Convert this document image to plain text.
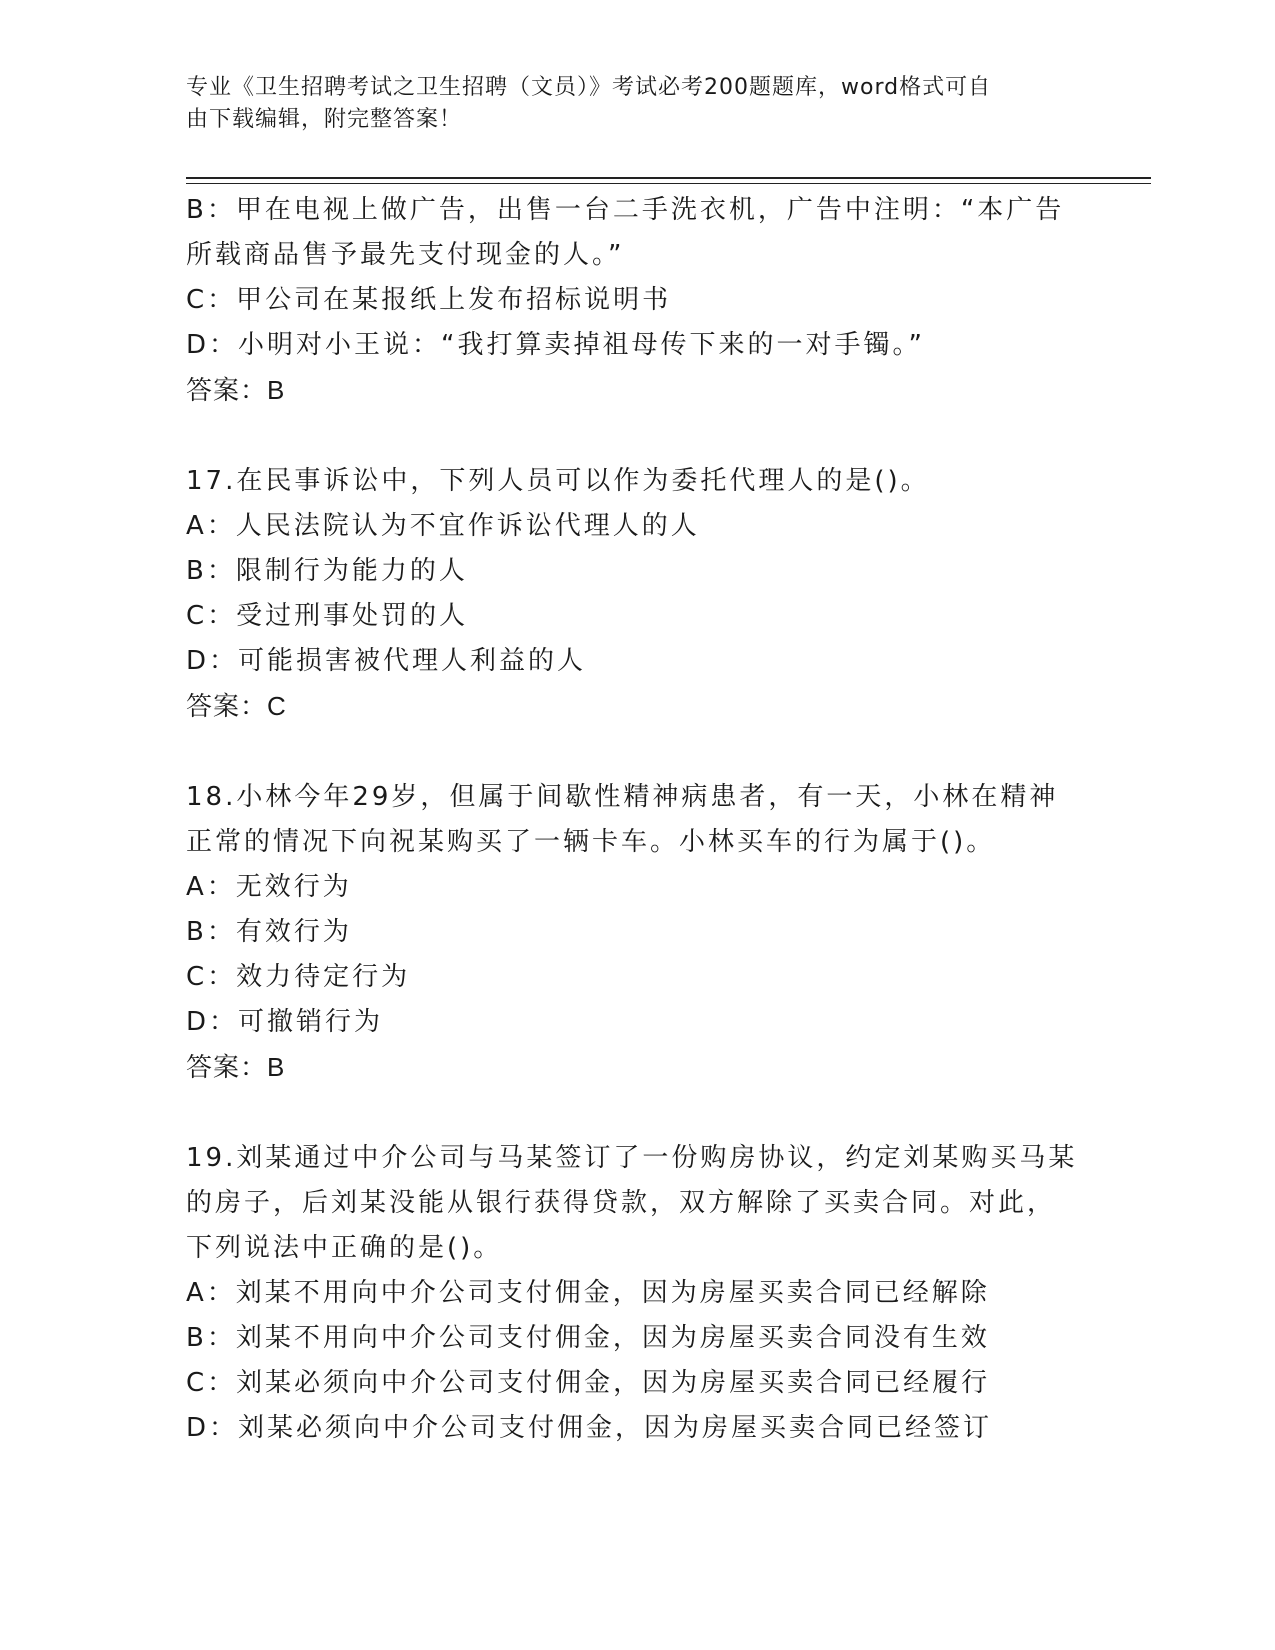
专业《卫生招聘考试之卫生招聘（文员）》考试必考200题题库，word格式可自
由下载编辑，附完整答案！
B：甲在电视上做广告，出售一台二手洗衣机，广告中注明：“本广告
所载商品售予最先支付现金的人。”
C：甲公司在某报纸上发布招标说明书
D：小明对小王说：“我打算卖掉祖母传下来的一对手镯。”
答案：B
17.在民事诉讼中，下列人员可以作为委托代理人的是()。
A：人民法院认为不宜作诉讼代理人的人
B：限制行为能力的人
C：受过刑事处罚的人
D：可能损害被代理人利益的人
答案：C
18.小林今年29岁，但属于间歇性精神病患者，有一天，小林在精神
正常的情况下向祝某购买了一辆卡车。小林买车的行为属于()。
A：无效行为
B：有效行为
C：效力待定行为
D：可撤销行为
答案：B
19.刘某通过中介公司与马某签订了一份购房协议，约定刘某购买马某
的房子，后刘某没能从银行获得贷款，双方解除了买卖合同。对此，
下列说法中正确的是()。
A：刘某不用向中介公司支付佣金，因为房屋买卖合同已经解除
B：刘某不用向中介公司支付佣金，因为房屋买卖合同没有生效
C：刘某必须向中介公司支付佣金，因为房屋买卖合同已经履行
D：刘某必须向中介公司支付佣金，因为房屋买卖合同已经签订
